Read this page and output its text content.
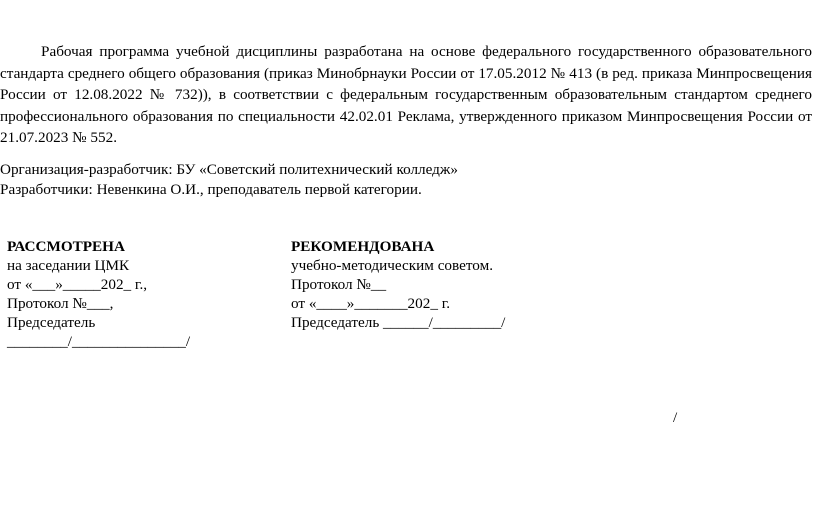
Рабочая программа учебной дисциплины разработана на основе федерального государственного образовательного стандарта среднего общего образования (приказ Минобрнауки России от 17.05.2012 № 413 (в ред. приказа Минпросвещения России от 12.08.2022 № 732)), в соответствии с федеральным государственным образовательным стандартом среднего профессионального образования по специальности 42.02.01 Реклама, утвержденного приказом Минпросвещения России от 21.07.2023 № 552.

Организация-разработчик: БУ «Советский политехнический колледж»
Разработчики: Невенкина О.И., преподаватель первой категории.
РАССМОТРЕНА
на заседании ЦМК
от «___»_____202_ г.,
Протокол №___,
Председатель
________/_______________/
РЕКОМЕНДОВАНА
учебно-методическим советом.
Протокол №__
от «____»_______202_ г.
Председатель ______/_________/
/
